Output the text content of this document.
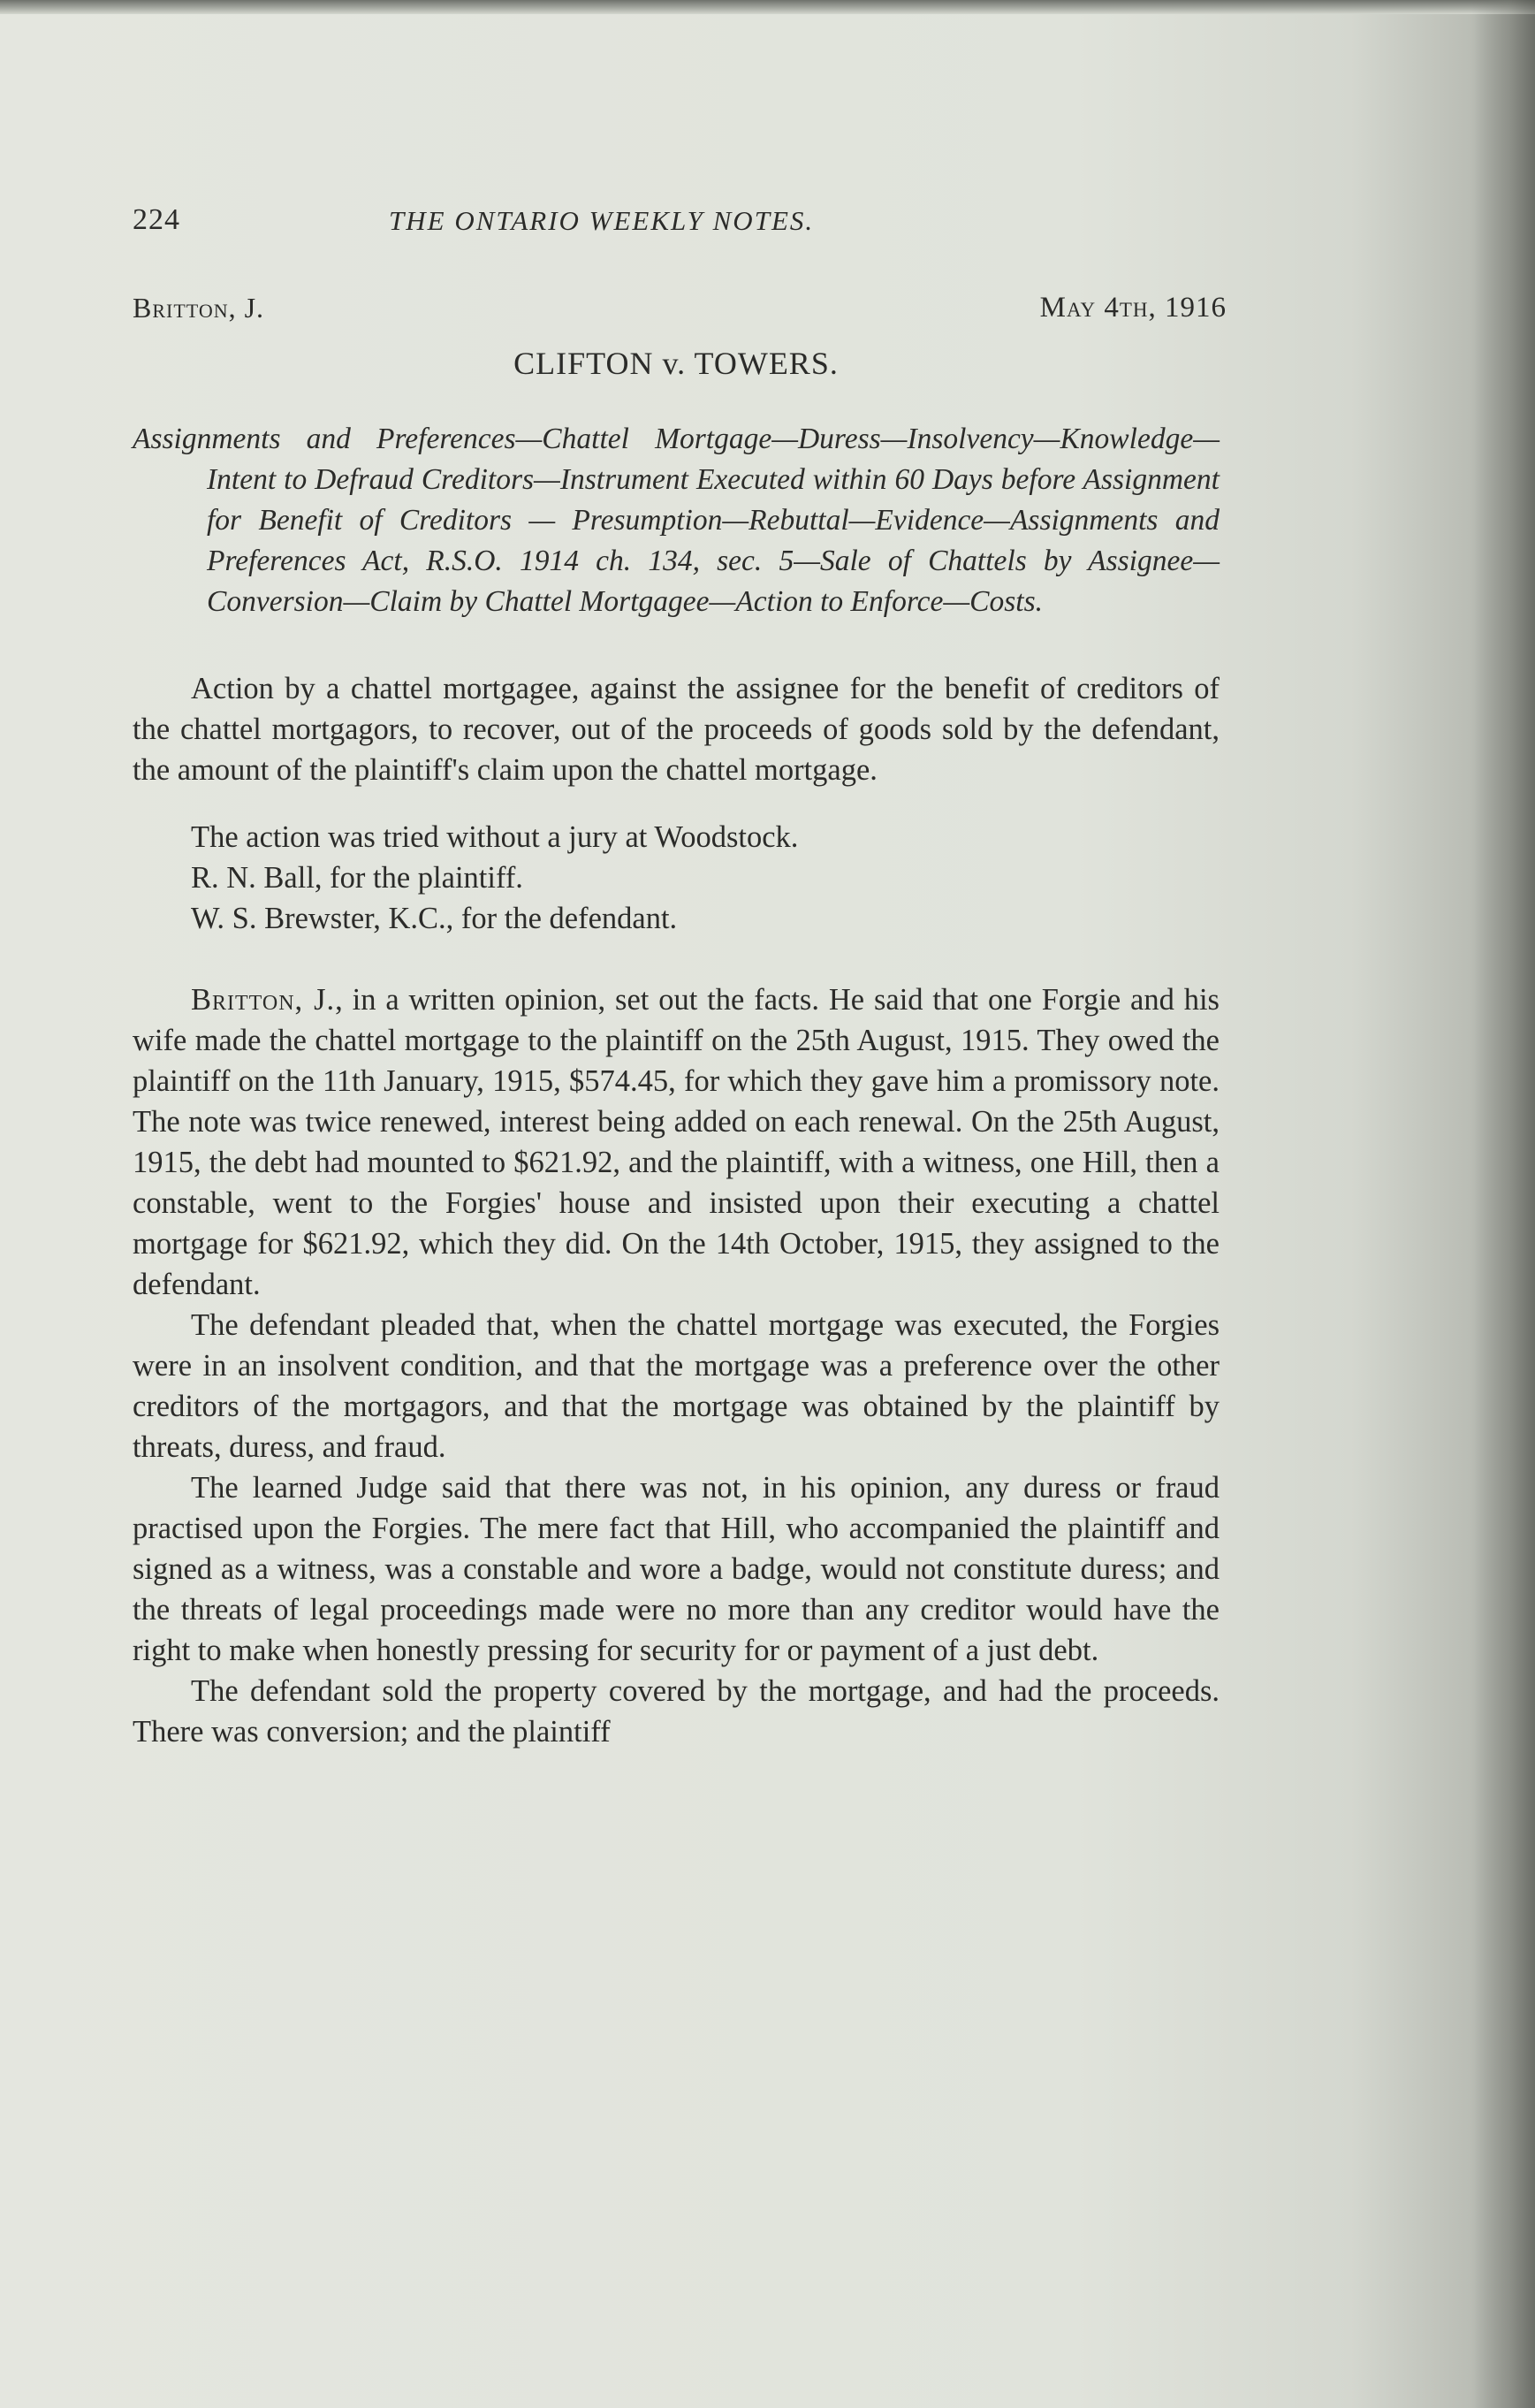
224	THE ONTARIO WEEKLY NOTES.
Britton, J.	May 4th, 1916
CLIFTON v. TOWERS.

Assignments and Preferences—Chattel Mortgage—Duress—Insolvency—Knowledge—Intent to Defraud Creditors—Instrument Executed within 60 Days before Assignment for Benefit of Creditors — Presumption—Rebuttal—Evidence—Assignments and Preferences Act, R.S.O. 1914 ch. 134, sec. 5—Sale of Chattels by Assignee—Conversion—Claim by Chattel Mortgagee—Action to Enforce—Costs.

Action by a chattel mortgagee, against the assignee for the benefit of creditors of the chattel mortgagors, to recover, out of the proceeds of goods sold by the defendant, the amount of the plaintiff's claim upon the chattel mortgage.

The action was tried without a jury at Woodstock.

R. N. Ball, for the plaintiff.

W. S. Brewster, K.C., for the defendant.

Britton, J., in a written opinion, set out the facts. He said that one Forgie and his wife made the chattel mortgage to the plaintiff on the 25th August, 1915. They owed the plaintiff on the 11th January, 1915, $574.45, for which they gave him a promissory note. The note was twice renewed, interest being added on each renewal. On the 25th August, 1915, the debt had mounted to $621.92, and the plaintiff, with a witness, one Hill, then a constable, went to the Forgies' house and insisted upon their executing a chattel mortgage for $621.92, which they did. On the 14th October, 1915, they assigned to the defendant.

The defendant pleaded that, when the chattel mortgage was executed, the Forgies were in an insolvent condition, and that the mortgage was a preference over the other creditors of the mortgagors, and that the mortgage was obtained by the plaintiff by threats, duress, and fraud.

The learned Judge said that there was not, in his opinion, any duress or fraud practised upon the Forgies. The mere fact that Hill, who accompanied the plaintiff and signed as a witness, was a constable and wore a badge, would not constitute duress; and the threats of legal proceedings made were no more than any creditor would have the right to make when honestly pressing for security for or payment of a just debt.

The defendant sold the property covered by the mortgage, and had the proceeds. There was conversion; and the plaintiff
